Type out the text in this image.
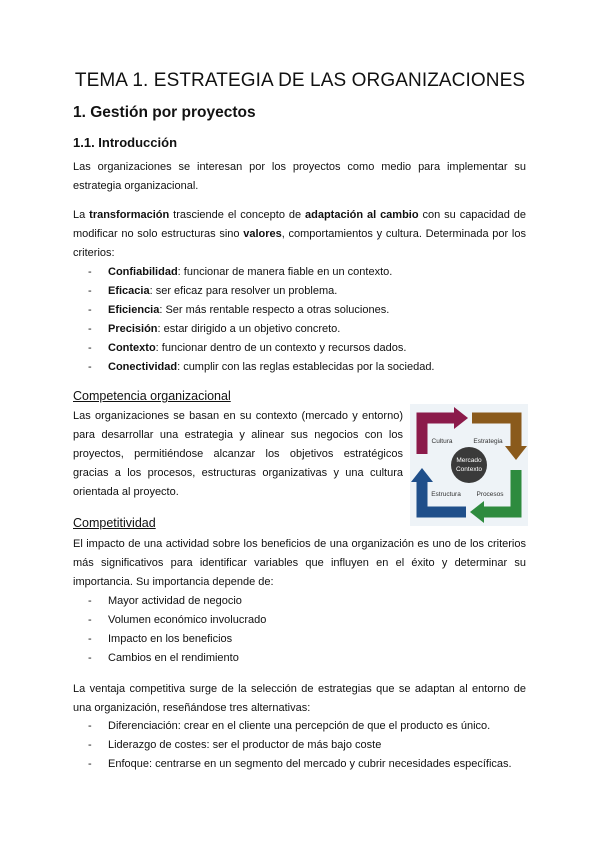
TEMA 1. ESTRATEGIA DE LAS ORGANIZACIONES
1. Gestión por proyectos
1.1. Introducción

Las organizaciones se interesan por los proyectos como medio para implementar su estrategia organizacional.

La transformación trasciende el concepto de adaptación al cambio con su capacidad de modificar no solo estructuras sino valores, comportamientos y cultura. Determinada por los criterios:

- Confiabilidad: funcionar de manera fiable en un contexto.
- Eficacia: ser eficaz para resolver un problema.
- Eficiencia: Ser más rentable respecto a otras soluciones.
- Precisión: estar dirigido a un objetivo concreto.
- Contexto: funcionar dentro de un contexto y recursos dados.
- Conectividad: cumplir con las reglas establecidas por la sociedad.

Competencia organizacional

Las organizaciones se basan en su contexto (mercado y entorno) para desarrollar una estrategia y alinear sus negocios con los proyectos, permitiéndose alcanzar los objetivos estratégicos gracias a los procesos, estructuras organizativas y una cultura orientada al proyecto.

Mercado
Contexto
Cultura	Estrategia
Procesos
Estructura

Competitividad

El impacto de una actividad sobre los beneficios de una organización es uno de los criterios más significativos para identificar variables que influyen en el éxito y determinar su importancia. Su importancia depende de:

- Mayor actividad de negocio
- Volumen económico involucrado
- Impacto en los beneficios
- Cambios en el rendimiento

La ventaja competitiva surge de la selección de estrategias que se adaptan al entorno de una organización, reseñándose tres alternativas:

- Diferenciación: crear en el cliente una percepción de que el producto es único.
- Liderazgo de costes: ser el productor de más bajo coste
- Enfoque: centrarse en un segmento del mercado y cubrir necesidades específicas.
